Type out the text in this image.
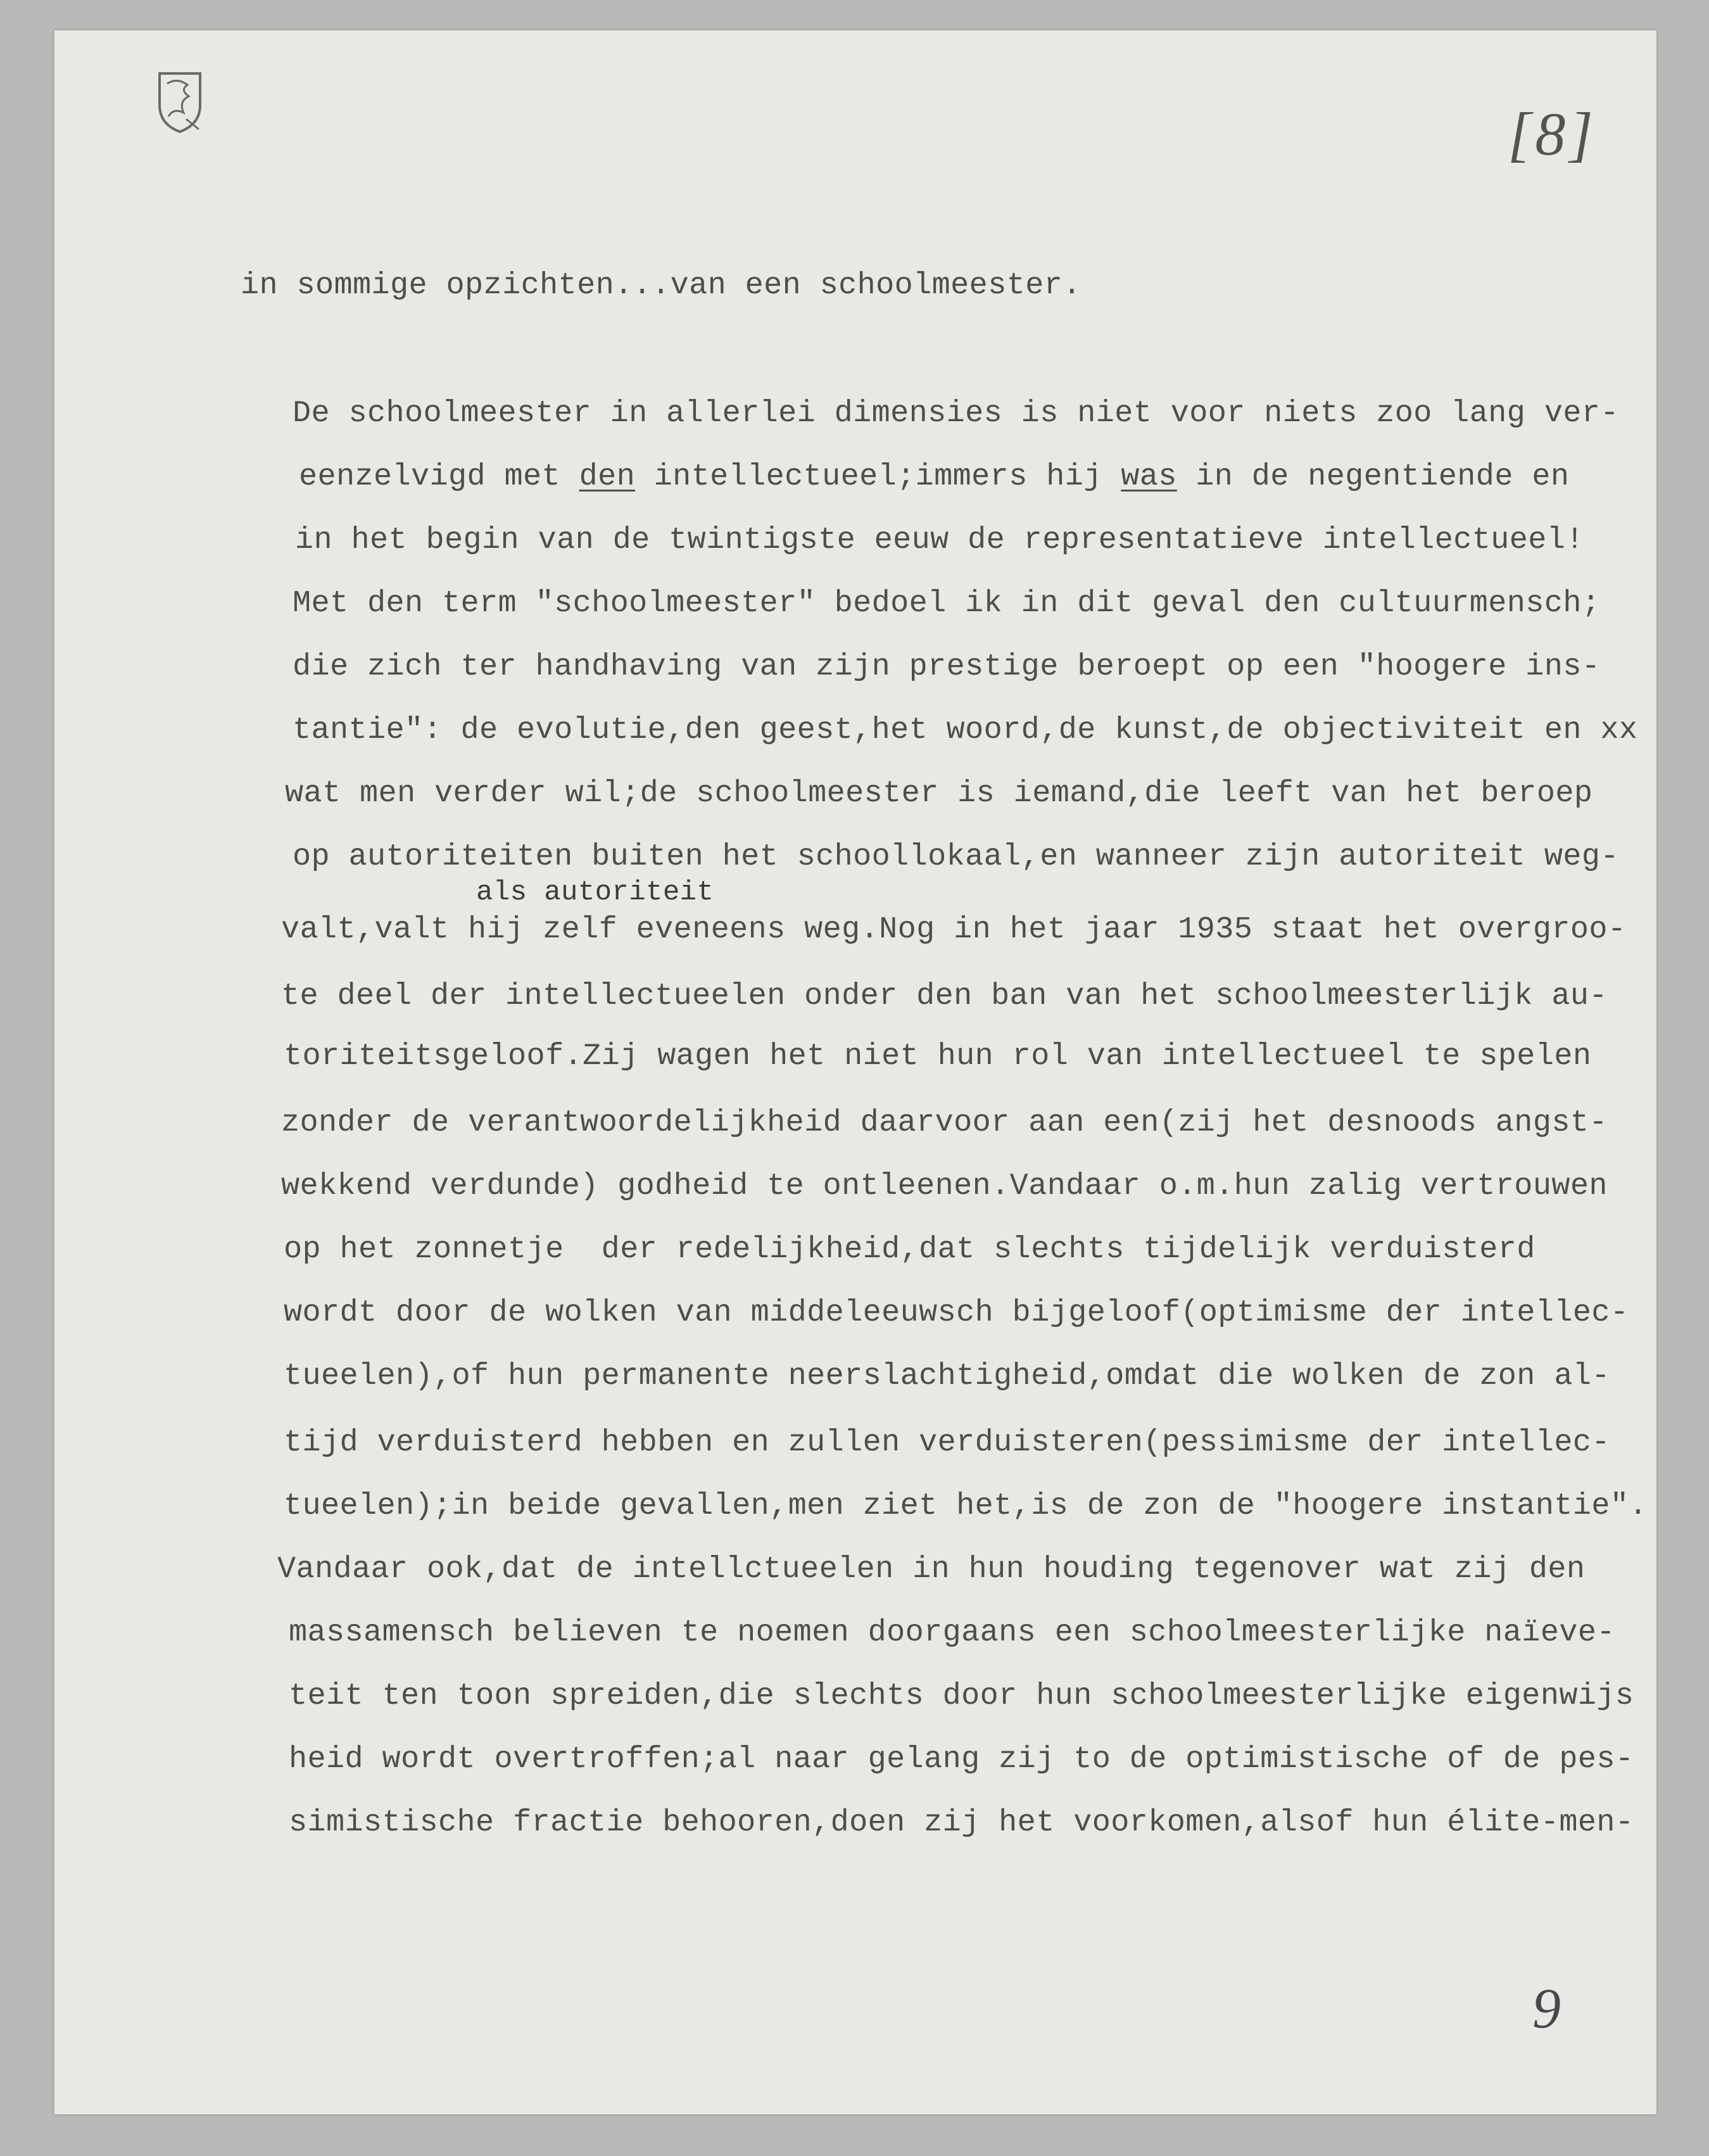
[8]
in sommige opzichten...van een schoolmeester.
De schoolmeester in allerlei dimensies is niet voor niets zoo lang ver-
eenzelvigd met den intellectueel;immers hij was in de negentiende en
in het begin van de twintigste eeuw de representatieve intellectueel!
Met den term "schoolmeester" bedoel ik in dit geval den cultuurmensch;
die zich ter handhaving van zijn prestige beroept op een "hoogere ins-
tantie": de evolutie,den geest,het woord,de kunst,de objectiviteit en xx
wat men verder wil;de schoolmeester is iemand,die leeft van het beroep
op autoriteiten buiten het schoollokaal,en wanneer zijn autoriteit weg-
valt,valt hij zelf eveneens weg.Nog in het jaar 1935 staat het overgroo-
te deel der intellectueelen onder den ban van het schoolmeesterlijk au-
toriteitsgeloof.Zij wagen het niet hun rol van intellectueel te spelen
zonder de verantwoordelijkheid daarvoor aan een(zij het desnoods angst-
wekkend verdunde) godheid te ontleenen.Vandaar o.m.hun zalig vertrouwen
op het zonnetje  der redelijkheid,dat slechts tijdelijk verduisterd
wordt door de wolken van middeleeuwsch bijgeloof(optimisme der intellec-
tueelen),of hun permanente neerslachtigheid,omdat die wolken de zon al-
tijd verduisterd hebben en zullen verduisteren(pessimisme der intellec-
tueelen);in beide gevallen,men ziet het,is de zon de "hoogere instantie".
Vandaar ook,dat de intellctueelen in hun houding tegenover wat zij den
massamensch believen te noemen doorgaans een schoolmeesterlijke naïeve-
teit ten toon spreiden,die slechts door hun schoolmeesterlijke eigenwijs
heid wordt overtroffen;al naar gelang zij to de optimistische of de pes-
simistische fractie behooren,doen zij het voorkomen,alsof hun élite-men-
als autoriteit
9
